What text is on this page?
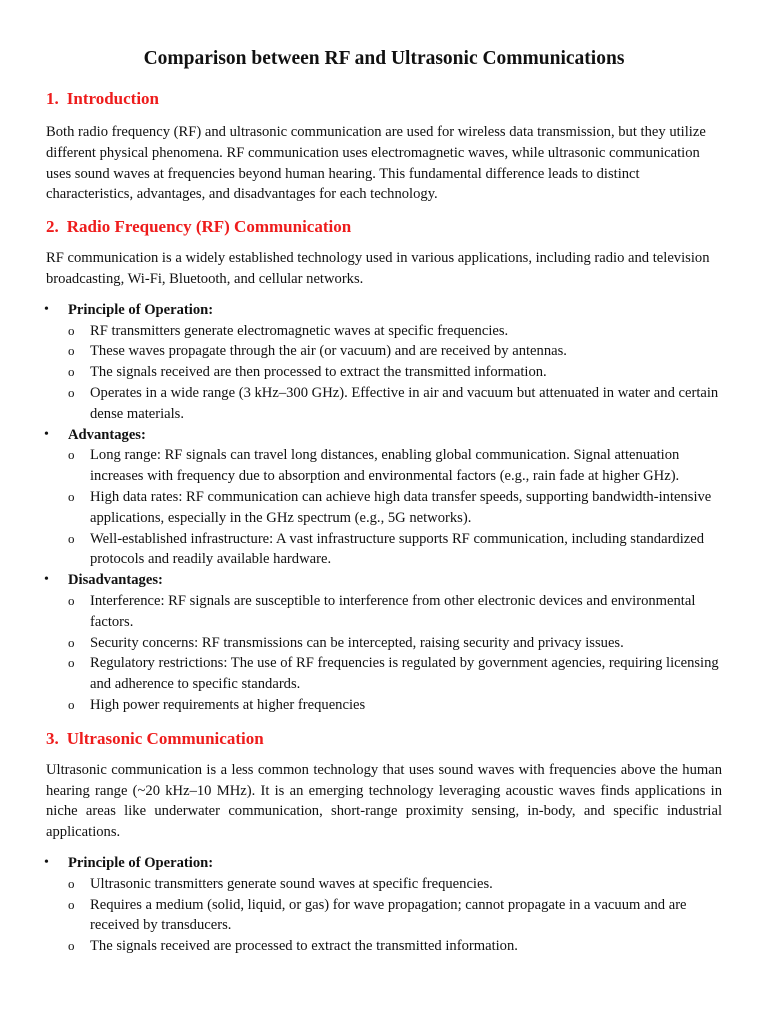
Comparison between RF and Ultrasonic Communications
1. Introduction

Both radio frequency (RF) and ultrasonic communication are used for wireless data transmission, but they utilize different physical phenomena. RF communication uses electromagnetic waves, while ultrasonic communication uses sound waves at frequencies beyond human hearing. This fundamental difference leads to distinct characteristics, advantages, and disadvantages for each technology.

2. Radio Frequency (RF) Communication

RF communication is a widely established technology used in various applications, including radio and television broadcasting, Wi-Fi, Bluetooth, and cellular networks.

• Principle of Operation:
o RF transmitters generate electromagnetic waves at specific frequencies.
o These waves propagate through the air (or vacuum) and are received by antennas.
o The signals received are then processed to extract the transmitted information.
o Operates in a wide range (3 kHz–300 GHz). Effective in air and vacuum but attenuated in water and certain dense materials.
• Advantages:
o Long range: RF signals can travel long distances, enabling global communication. Signal attenuation increases with frequency due to absorption and environmental factors (e.g., rain fade at higher GHz).
o High data rates: RF communication can achieve high data transfer speeds, supporting bandwidth-intensive applications, especially in the GHz spectrum (e.g., 5G networks).
o Well-established infrastructure: A vast infrastructure supports RF communication, including standardized protocols and readily available hardware.
• Disadvantages:
o Interference: RF signals are susceptible to interference from other electronic devices and environmental factors.
o Security concerns: RF transmissions can be intercepted, raising security and privacy issues.
o Regulatory restrictions: The use of RF frequencies is regulated by government agencies, requiring licensing and adherence to specific standards.
o High power requirements at higher frequencies
3. Ultrasonic Communication

Ultrasonic communication is a less common technology that uses sound waves with frequencies above the human hearing range (~20 kHz–10 MHz). It is an emerging technology leveraging acoustic waves finds applications in niche areas like underwater communication, short-range proximity sensing, in-body, and specific industrial applications.

• Principle of Operation:
o Ultrasonic transmitters generate sound waves at specific frequencies.
o Requires a medium (solid, liquid, or gas) for wave propagation; cannot propagate in a vacuum and are received by transducers.
o The signals received are processed to extract the transmitted information.
